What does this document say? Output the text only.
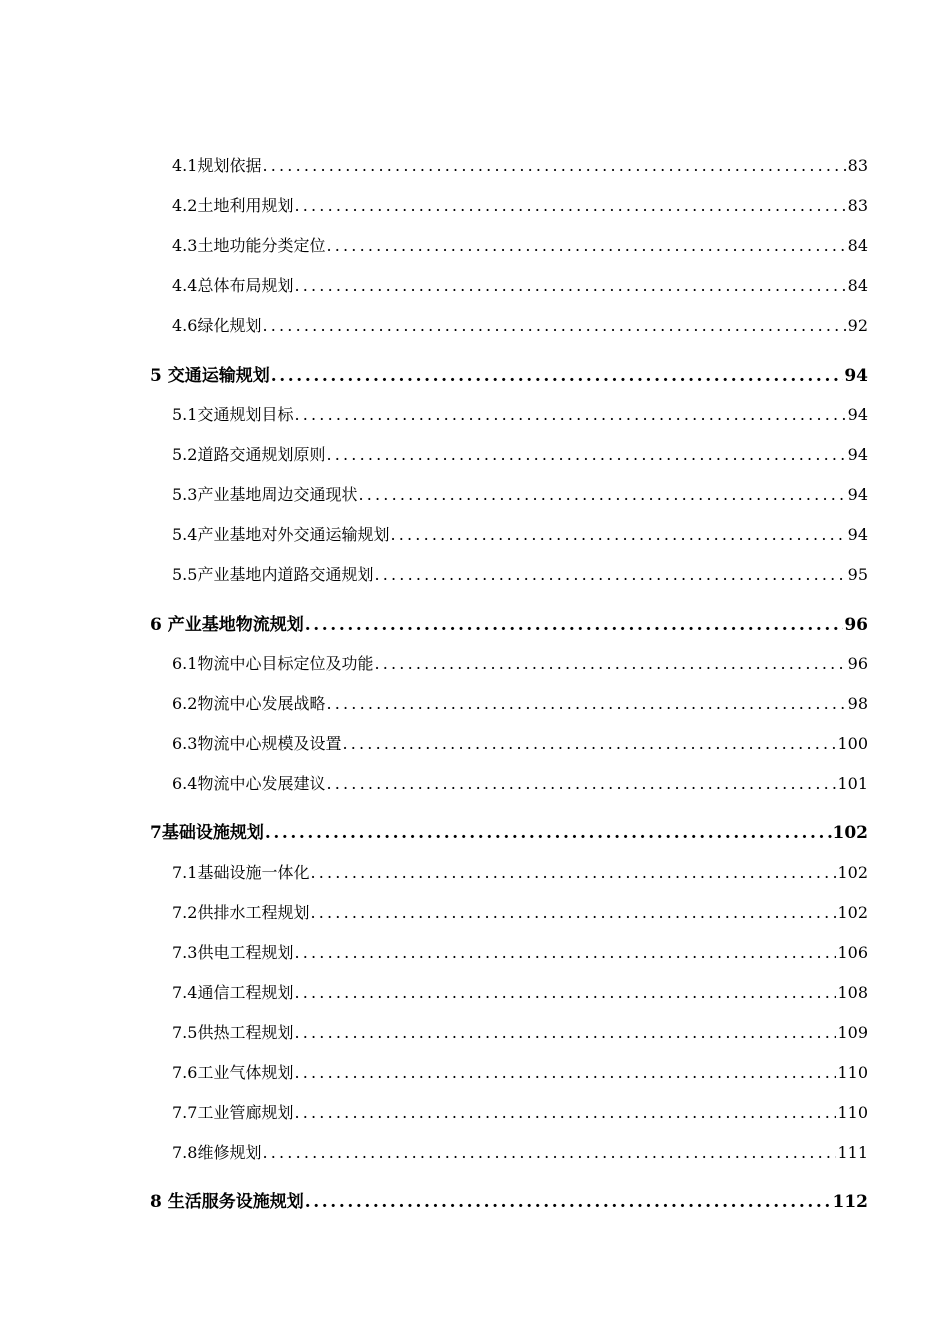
4.1规划依据 .....	83
4.2土地利用规划 .....	83
4.3土地功能分类定位 .....	84
4.4总体布局规划 .....	84
4.6绿化规划 .....	92
5 交通运输规划 .....	94
5.1交通规划目标 .....	94
5.2道路交通规划原则 .....	94
5.3产业基地周边交通现状 .....	94
5.4产业基地对外交通运输规划 .....	94
5.5产业基地内道路交通规划 .....	95
6 产业基地物流规划 .....	96
6.1物流中心目标定位及功能 .....	96
6.2物流中心发展战略 .....	98
6.3物流中心规模及设置 .....	100
6.4物流中心发展建议 .....	101
7基础设施规划 .....	102
7.1基础设施一体化 .....	102
7.2供排水工程规划 .....	102
7.3供电工程规划 .....	106
7.4通信工程规划 .....	108
7.5供热工程规划 .....	109
7.6工业气体规划 .....	110
7.7工业管廊规划 .....	110
7.8维修规划 .....	111
8 生活服务设施规划 .....	112
